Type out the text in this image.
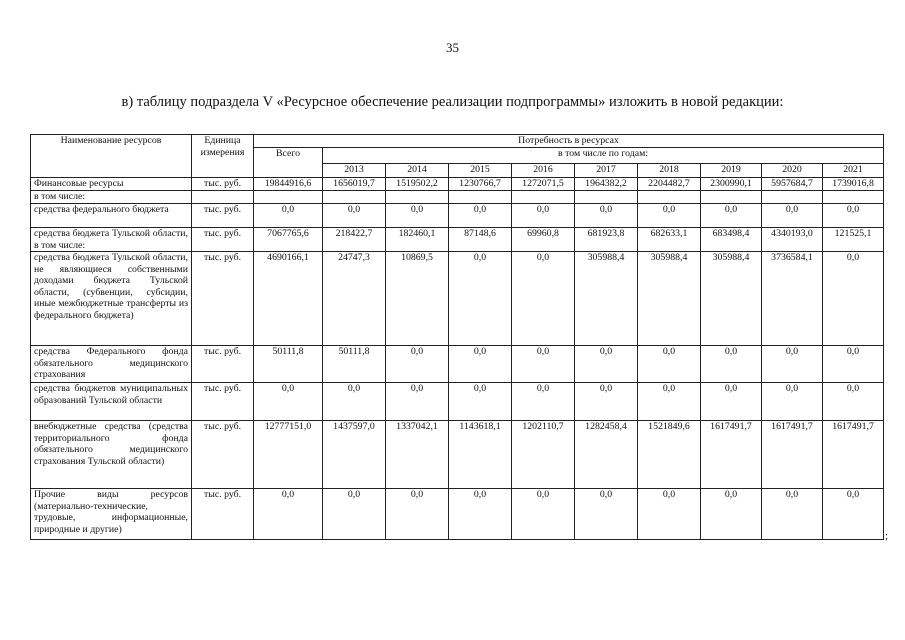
35
в) таблицу подраздела V «Ресурсное обеспечение реализации подпрограммы» изложить в новой редакции:
Наименование ресурсов	Единица измерения	Потребность в ресурсах									
		Всего	в том числе по годам:								
			2013	2014	2015	2016	2017	2018	2019	2020	2021
Финансовые ресурсы	тыс. руб.	19844916,6	1656019,7	1519502,2	1230766,7	1272071,5	1964382,2	2204482,7	2300990,1	5957684,7	1739016,8
в том числе:											
средства федерального бюджета	тыс. руб.	0,0	0,0	0,0	0,0	0,0	0,0	0,0	0,0	0,0	0,0
средства бюджета Тульской области, в том числе:	тыс. руб.	7067765,6	218422,7	182460,1	87148,6	69960,8	681923,8	682633,1	683498,4	4340193,0	121525,1
средства бюджета Тульской области, не являющиеся собственными доходами бюджета Тульской области, (субвенции, субсидии, иные межбюджетные трансферты из федерального бюджета)	тыс. руб.	4690166,1	24747,3	10869,5	0,0	0,0	305988,4	305988,4	305988,4	3736584,1	0,0
средства Федерального фонда обязательного медицинского страхования	тыс. руб.	50111,8	50111,8	0,0	0,0	0,0	0,0	0,0	0,0	0,0	0,0
средства бюджетов муниципальных образований Тульской области	тыс. руб.	0,0	0,0	0,0	0,0	0,0	0,0	0,0	0,0	0,0	0,0
внебюджетные средства (средства территориального фонда обязательного медицинского страхования Тульской области)	тыс. руб.	12777151,0	1437597,0	1337042,1	1143618,1	1202110,7	1282458,4	1521849,6	1617491,7	1617491,7	1617491,7
Прочие виды ресурсов (материально-технические, трудовые, информационные, природные и другие)	тыс. руб.	0,0	0,0	0,0	0,0	0,0	0,0	0,0	0,0	0,0	0,0
;
